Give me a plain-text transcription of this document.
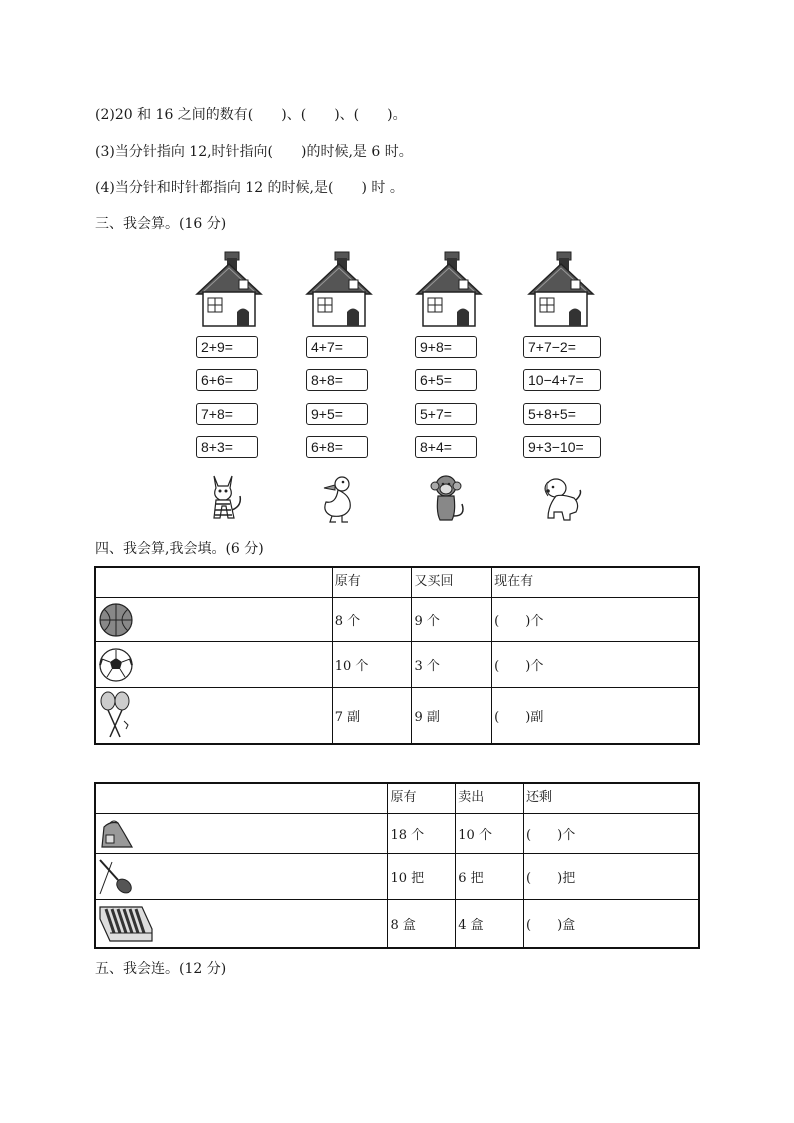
(2)20 和 16 之间的数有(　　)、(　　)、(　　)。
(3)当分针指向 12,时针指向(　　)的时候,是 6 时。
(4)当分针和时针都指向 12 的时候,是(　　) 时 。
三、我会算。(16 分)
2+9=
6+6=
7+8=
8+3=
4+7=
8+8=
9+5=
6+8=
9+8=
6+5=
5+7=
8+4=
7+7−2=
10−4+7=
5+8+5=
9+3−10=
四、我会算,我会填。(6 分)
	原有	又买回	现在有

	8 个	9 个	(　　)个

	10 个	3 个	(　　)个

	7 副	9 副	(　　)副
	原有	卖出	还剩

	18 个	10 个	(　　)个

	10 把	6 把	(　　)把

	8 盒	4 盒	(　　)盒
五、我会连。(12 分)
